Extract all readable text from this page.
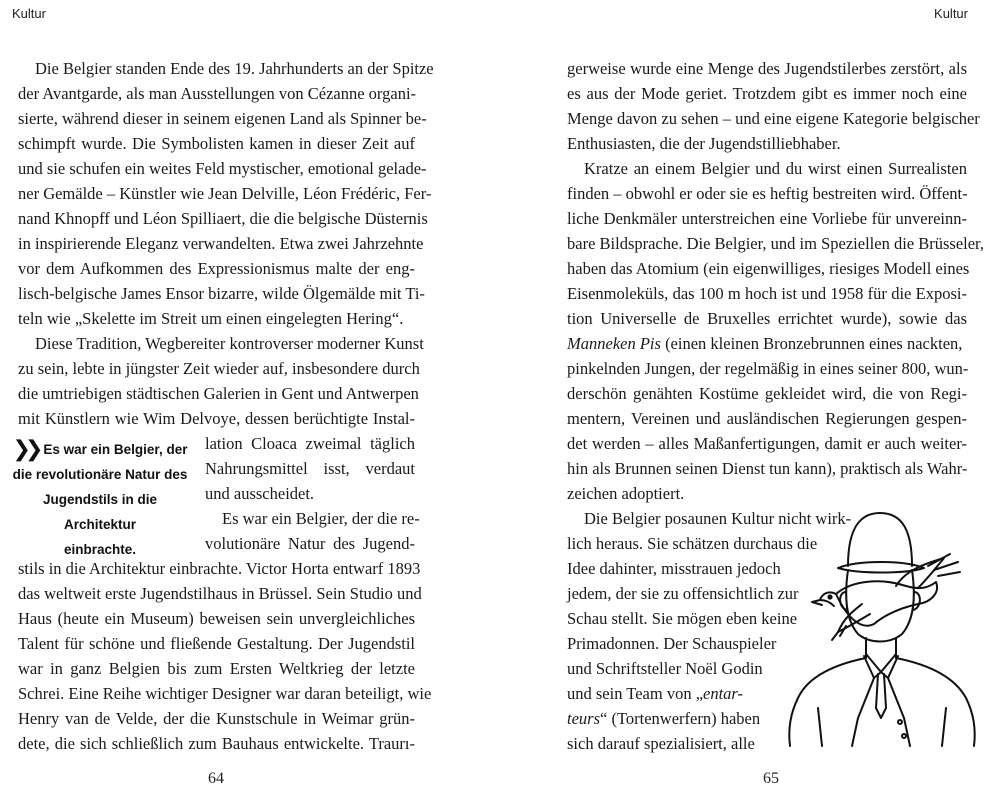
Kultur	Kultur
Die Belgier standen Ende des 19. Jahrhunderts an der Spitze
der Avantgarde, als man Ausstellungen von Cézanne organi-
sierte, während dieser in seinem eigenen Land als Spinner be-
schimpft wurde. Die Symbolisten kamen in dieser Zeit auf
und sie schufen ein weites Feld mystischer, emotional gelade-
ner Gemälde – Künstler wie Jean Delville, Léon Frédéric, Fer-
nand Khnopff und Léon Spilliaert, die die belgische Düsternis
in inspirierende Eleganz verwandelten. Etwa zwei Jahrzehnte
vor dem Aufkommen des Expressionismus malte der eng-
lisch-belgische James Ensor bizarre, wilde Ölgemälde mit Ti-
teln wie „Skelette im Streit um einen eingelegten Hering“.
Diese Tradition, Wegbereiter kontroverser moderner Kunst
zu sein, lebte in jüngster Zeit wieder auf, insbesondere durch
die umtriebigen städtischen Galerien in Gent und Antwerpen
mit Künstlern wie Wim Delvoye, dessen berüchtigte Instal-
lation Cloaca zweimal täglich
Nahrungsmittel isst, verdaut
und ausscheidet.
Es war ein Belgier, der die re-
volutionäre Natur des Jugend-
stils in die Architektur einbrachte. Victor Horta entwarf 1893
das weltweit erste Jugendstilhaus in Brüssel. Sein Studio und
Haus (heute ein Museum) beweisen sein unvergleichliches
Talent für schöne und fließende Gestaltung. Der Jugendstil
war in ganz Belgien bis zum Ersten Weltkrieg der letzte
Schrei. Eine Reihe wichtiger Designer war daran beteiligt, wie
Henry van de Velde, der die Kunstschule in Weimar grün-
dete, die sich schließlich zum Bauhaus entwickelte. Traurı-
❯❯ Es war ein Belgier, der
die revolutionäre Natur des
Jugendstils in die Architektur
einbrachte.
64
gerweise wurde eine Menge des Jugendstilerbes zerstört, als
es aus der Mode geriet. Trotzdem gibt es immer noch eine
Menge davon zu sehen – und eine eigene Kategorie belgischer
Enthusiasten, die der Jugendstilliebhaber.
Kratze an einem Belgier und du wirst einen Surrealisten
finden – obwohl er oder sie es heftig bestreiten wird. Öffent-
liche Denkmäler unterstreichen eine Vorliebe für unvereinn-
bare Bildsprache. Die Belgier, und im Speziellen die Brüsseler,
haben das Atomium (ein eigenwilliges, riesiges Modell eines
Eisenmoleküls, das 100 m hoch ist und 1958 für die Exposi-
tion Universelle de Bruxelles errichtet wurde), sowie das
Manneken Pis (einen kleinen Bronzebrunnen eines nackten,
pinkelnden Jungen, der regelmäßig in eines seiner 800, wun-
derschön genähten Kostüme gekleidet wird, die von Regi-
mentern, Vereinen und ausländischen Regierungen gespen-
det werden – alles Maßanfertigungen, damit er auch weiter-
hin als Brunnen seinen Dienst tun kann), praktisch als Wahr-
zeichen adoptiert.
Die Belgier posaunen Kultur nicht wirk-
lich heraus. Sie schätzen durchaus die
Idee dahinter, misstrauen jedoch
jedem, der sie zu offensichtlich zur
Schau stellt. Sie mögen eben keine
Primadonnen. Der Schauspieler
und Schriftsteller Noël Godin
und sein Team von „entar-
teurs“ (Tortenwerfern) haben
sich darauf spezialisiert, alle
65
